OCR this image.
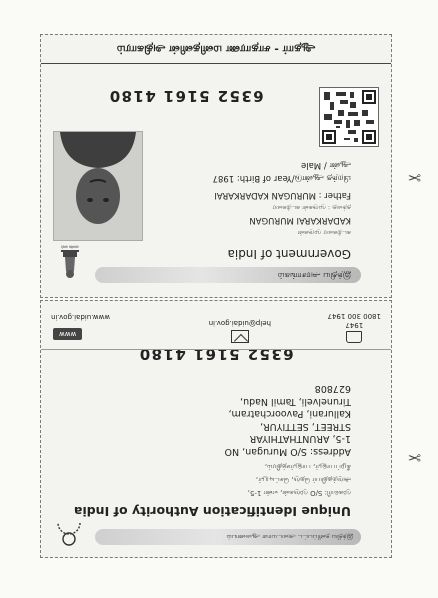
✂
இந்திய தனிப்பட்ட அடையாள ஆணையம்
Unique Identification Authority of India
முகவரி: S/O முருகன், எண் 1-5,
அருந்ததியர் தெரு, செட்டியூர்,
கீழப்பாவூர், பாவூர்சத்திரம்,
Address: S/O Murugan, NO
1-5, ARUNTHATHIYAR
STREET, SETTIYUR,
Kallurani, Pavoorchatram,
Tirunelveli, Tamil Nadu,
627808
6352 5161 4180
1947
1800 300 1947
help@uidai.gov.in
www
www.uidai.gov.in
✂
सत्यमेव जयते
இந்திய அரசாங்கம்
Government of India
கடற்கரை முருகன்
KADARKARAI MURUGAN
தந்தை : முருகன் கடற்கரை
Father : MURUGAN KADARKARAI
பிறந்த ஆண்டு/Year of Birth: 1987
ஆண் / Male
6352 5161 4180
ஆதார் - சாதாரண மனிதனின் அதிகாரம்
